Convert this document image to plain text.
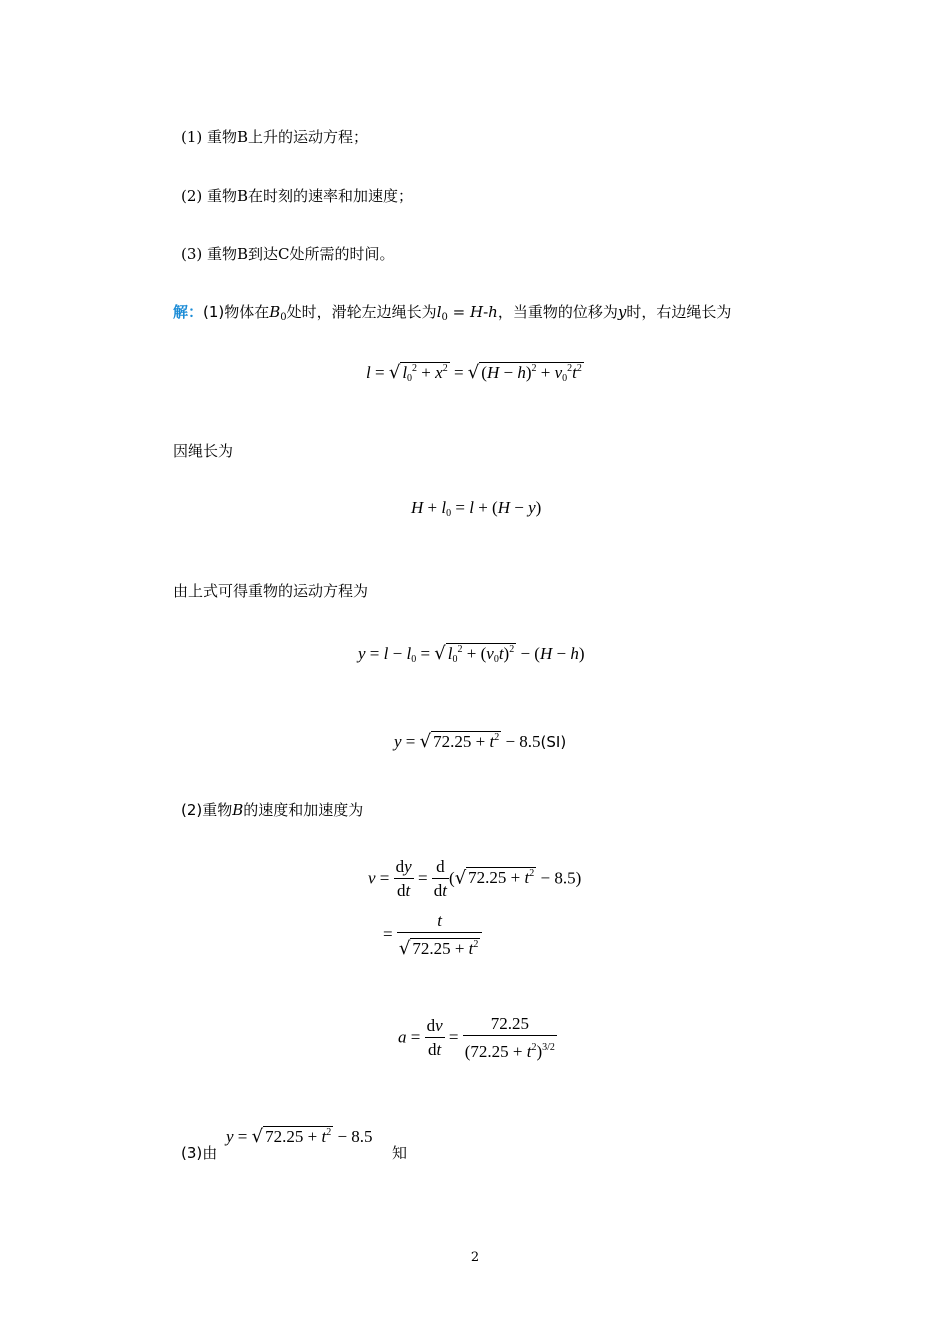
(1) 重物B上升的运动方程；
(2) 重物B在时刻的速率和加速度；
(3) 重物B到达C处所需的时间。
解：(1)物体在$B_0$处时，滑轮左边绳长为$l_0 = H-h$，当重物的位移为y时，右边绳长为
l = √ $l_0^2 + x^2$ = √ $(H - h)^2 + v_0^2t^2$
因绳长为
$H + l_0 = l + (H - y)$
由上式可得重物的运动方程为
$y = l - l_0$ = √ $l_0^2 + (v_0t)^2 - (H - h)$
y = √ $72.25 + t^2 - 8.5(SI)$
(2)重物B的速度和加速度为
$v = \frac{dy}{dt} = \frac{d}{dt}$ (√ $72.25 + t^2 - 8.5$)
= $\frac{t}{√ 72.25 + t^2}$
$a = \frac{dv}{dt} = \frac{72.25}{(72.25 + t^2)^{3/2}}$
(3)由
y = √ $72.25 + t^2 - 8.5$
知
2
